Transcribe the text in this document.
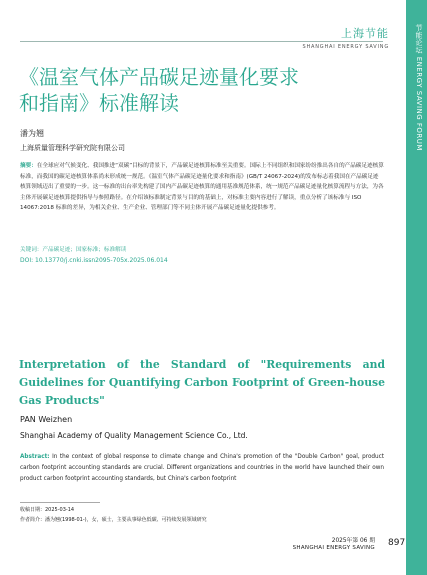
节能论坛 ENERGY SAVING FORUM
上海节能
SHANGHAI ENERGY SAVING
《温室气体产品碳足迹量化要求
和指南》标准解读
潘为翘
上海质量管理科学研究院有限公司
摘要：在全球应对气候变化、我国推进“双碳”目标的背景下，产品碳足迹核算标准至关重要。国际上不同组织和国家纷纷推出各自的产品碳足迹核算标准，而我国的碳足迹核算体系尚未形成统一规范。《温室气体产品碳足迹量化要求和指南》(GB/T 24067-2024)的发布标志着我国在产品碳足迹核算领域迈出了重要的一步。这一标准的出台率先构建了国内产品碳足迹核算的通用基准规范体系，统一规范产品碳足迹量化核算流程与方法，为各主体开展碳足迹核算提供指导与参照路径。在介绍该标准制定背景与目的的基础上，对标准主要内容进行了解读，重点分析了该标准与 ISO 14067:2018 标准的差异，为相关企业、生产企业、管理部门等不同主体开展产品碳足迹量化提供参考。
关键词：产品碳足迹；国家标准；标准解读
DOI: 10.13770/j.cnki.issn2095-705x.2025.06.014
Interpretation of the Standard of "Requirements and Guidelines for Quantifying Carbon Footprint of Green-house Gas Products"
PAN Weizhen
Shanghai Academy of Quality Management Science Co., Ltd.
Abstract: In the context of global response to climate change and China's promotion of the "Double Carbon" goal, product carbon footprint accounting standards are crucial. Different organizations and countries in the world have launched their own product carbon footprint accounting standards, but China's carbon footprint
收稿日期：2025-03-14
作者简介：潘为翘(1998-01-)，女，硕士，主要从事绿色低碳、可持续发展领域研究
2025年第 06 期
SHANGHAI ENERGY SAVING 897
